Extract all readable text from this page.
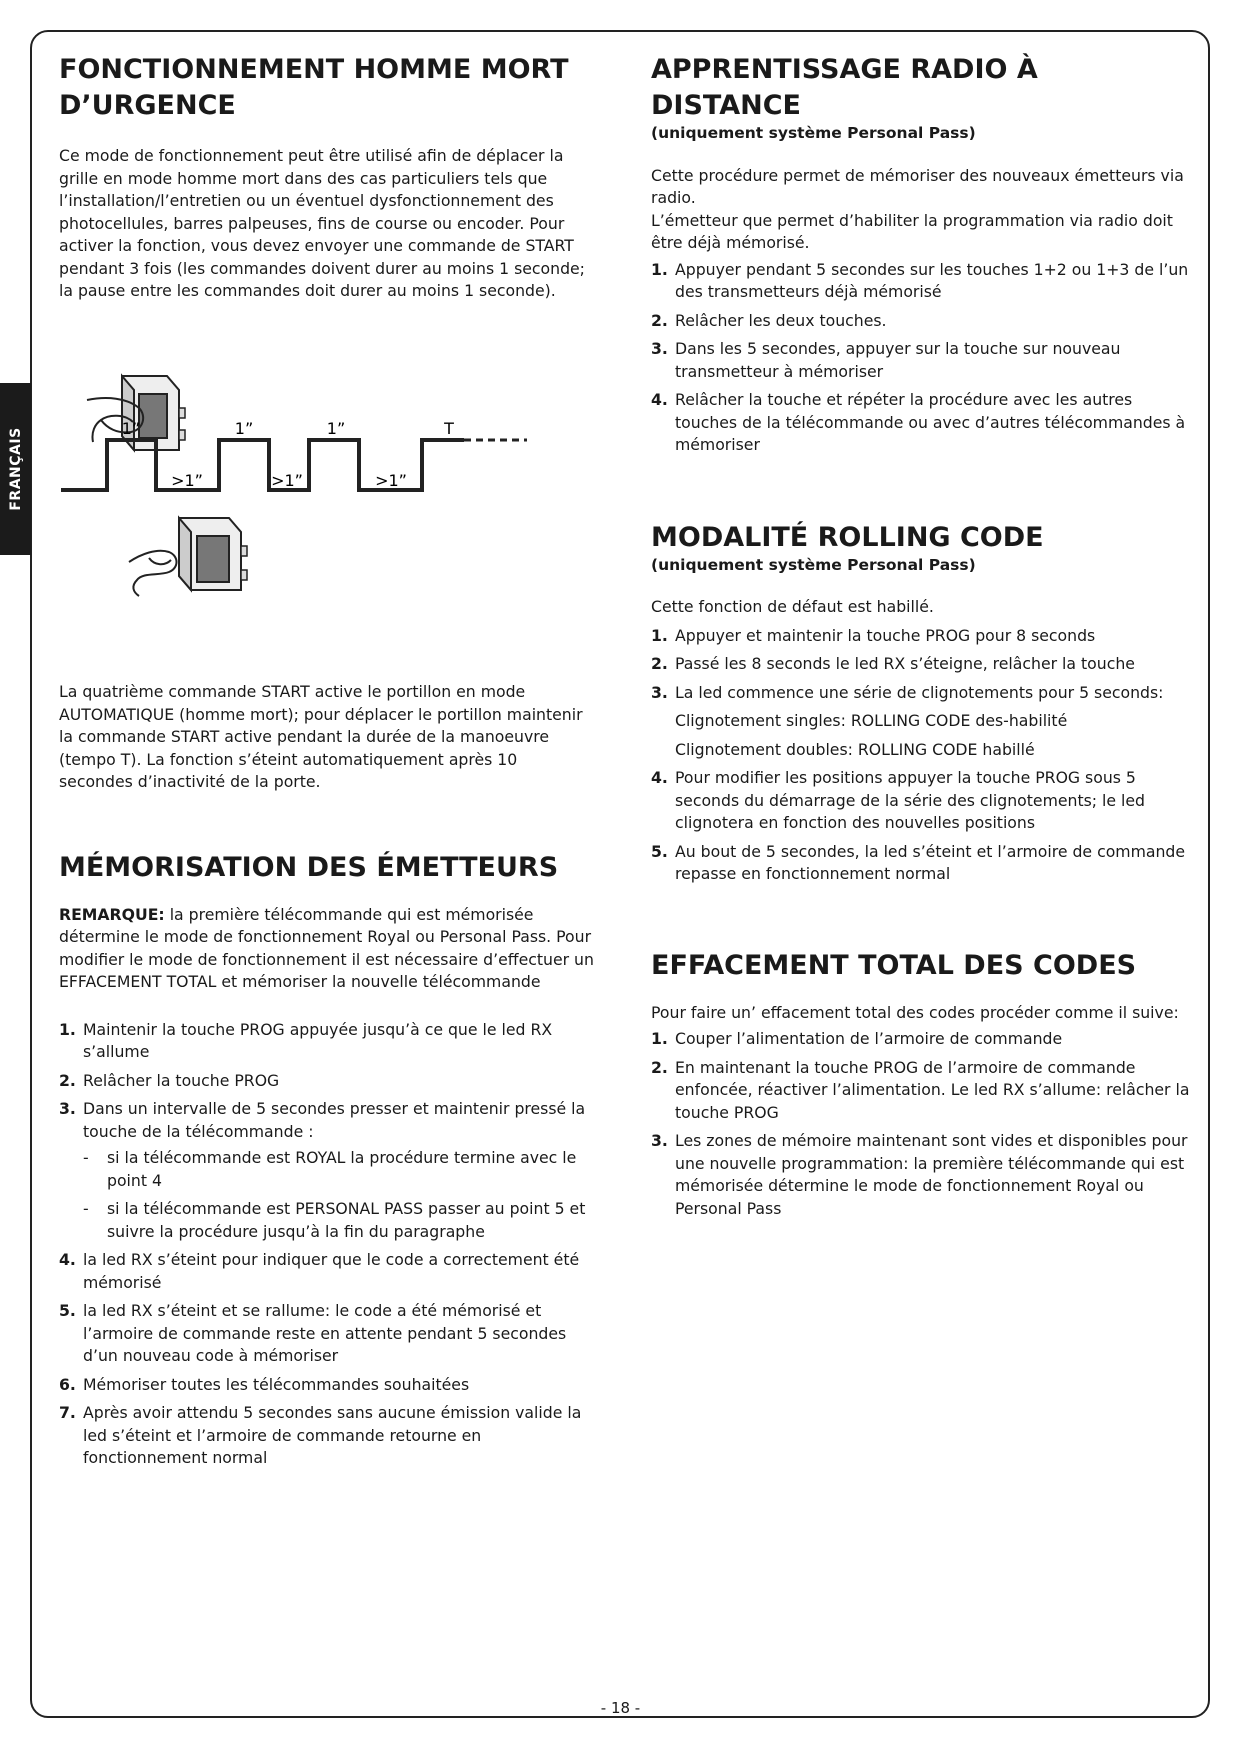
FRANÇAIS
FONCTIONNEMENT HOMME MORT D’URGENCE

Ce mode de fonctionnement peut être utilisé afin de déplacer la grille en mode homme mort dans des cas particuliers tels que l’installation/l’entretien ou un éventuel dysfonctionnement des photocellules, barres palpeuses, fins de course ou encoder. Pour activer la fonction, vous devez envoyer une commande de START pendant 3 fois (les commandes doivent durer au moins 1 seconde; la pause entre les commandes doit durer au moins 1 seconde).

1”	1”	1”	T
>1”	>1”	>1”

La quatrième commande START active le portillon en mode AUTOMATIQUE (homme mort); pour déplacer le portillon maintenir la commande START active pendant la durée de la manoeuvre (tempo T). La fonction s’éteint automatiquement après 10 secondes d’inactivité de la porte.

MÉMORISATION DES ÉMETTEURS

REMARQUE: la première télécommande qui est mémorisée détermine le mode de fonctionnement Royal ou Personal Pass. Pour modifier le mode de fonctionnement il est nécessaire d’effectuer un EFFACEMENT TOTAL et mémoriser la nouvelle télécommande

1. Maintenir la touche PROG appuyée jusqu’à ce que le led RX s’allume
2. Relâcher la touche PROG
3. Dans un intervalle de 5 secondes presser et maintenir pressé la touche de la télécommande :
- si la télécommande est ROYAL la procédure termine avec le point 4
- si la télécommande est PERSONAL PASS passer au point 5 et suivre la procédure jusqu’à la fin du paragraphe
4. la led RX s’éteint pour indiquer que le code a correctement été mémorisé
5. la led RX s’éteint et se rallume: le code a été mémorisé et l’armoire de commande reste en attente pendant 5 secondes d’un nouveau code à mémoriser
6. Mémoriser toutes les télécommandes souhaitées
7. Après avoir attendu 5 secondes sans aucune émission valide la led s’éteint et l’armoire de commande retourne en fonctionnement normal
APPRENTISSAGE RADIO À DISTANCE

(uniquement système Personal Pass)

Cette procédure permet de mémoriser des nouveaux émetteurs via radio.

L’émetteur que permet d’habiliter la programmation via radio doit être déjà mémorisé.

1. Appuyer pendant 5 secondes sur les touches 1+2 ou 1+3 de l’un des transmetteurs déjà mémorisé
2. Relâcher les deux touches.
3. Dans les 5 secondes, appuyer sur la touche sur nouveau transmetteur à mémoriser
4. Relâcher la touche et répéter la procédure avec les autres touches de la télécommande ou avec d’autres télécommandes à mémoriser
MODALITÉ ROLLING CODE

(uniquement système Personal Pass)

Cette fonction de défaut est habillé.

1. Appuyer et maintenir la touche PROG pour 8 seconds
2. Passé les 8 seconds le led RX s’éteigne, relâcher la touche
3. La led commence une série de clignotements pour 5 seconds:
Clignotement singles: ROLLING CODE des-habilité
Clignotement doubles: ROLLING CODE habillé
4. Pour modifier les positions appuyer la touche PROG sous 5 seconds du démarrage de la série des clignotements; le led clignotera en fonction des nouvelles positions
5. Au bout de 5 secondes, la led s’éteint et l’armoire de commande repasse en fonctionnement normal
EFFACEMENT TOTAL DES CODES

Pour faire un’ effacement total des codes procéder comme il suive:

1. Couper l’alimentation de l’armoire de commande
2. En maintenant la touche PROG de l’armoire de commande enfoncée, réactiver l’alimentation. Le led RX s’allume: relâcher la touche PROG
3. Les zones de mémoire maintenant sont vides et disponibles pour une nouvelle programmation: la première télécommande qui est mémorisée détermine le mode de fonctionnement Royal ou Personal Pass
- 18 -
